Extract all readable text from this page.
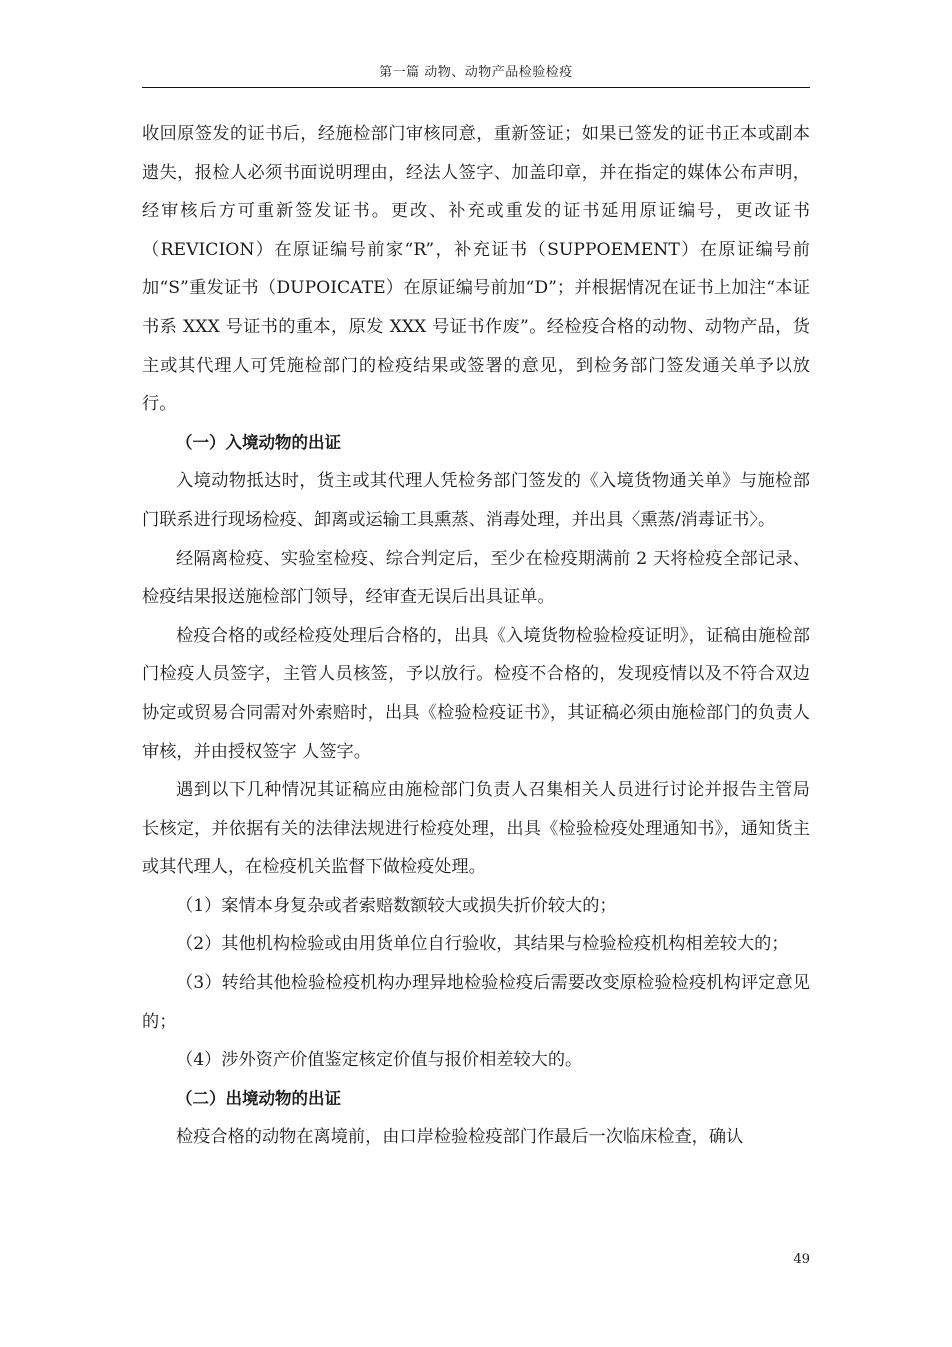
第一篇 动物、动物产品检验检疫

收回原签发的证书后，经施检部门审核同意，重新签证；如果已签发的证书正本或副本遗失，报检人必须书面说明理由，经法人签字、加盖印章，并在指定的媒体公布声明，经审核后方可重新签发证书。更改、补充或重发的证书延用原证编号，更改证书（REVICION）在原证编号前家“R”，补充证书（SUPPOEMENT）在原证编号前加“S”重发证书（DUPOICATE）在原证编号前加“D”；并根据情况在证书上加注“本证书系 XXX 号证书的重本，原发 XXX 号证书作废”。经检疫合格的动物、动物产品，货主或其代理人可凭施检部门的检疫结果或签署的意见，到检务部门签发通关单予以放行。

（一）入境动物的出证

入境动物抵达时，货主或其代理人凭检务部门签发的《入境货物通关单》与施检部门联系进行现场检疫、卸离或运输工具熏蒸、消毒处理，并出具〈熏蒸/消毒证书〉。

经隔离检疫、实验室检疫、综合判定后，至少在检疫期满前 2 天将检疫全部记录、检疫结果报送施检部门领导，经审查无误后出具证单。

检疫合格的或经检疫处理后合格的，出具《入境货物检验检疫证明》，证稿由施检部门检疫人员签字，主管人员核签，予以放行。检疫不合格的，发现疫情以及不符合双边协定或贸易合同需对外索赔时，出具《检验检疫证书》，其证稿必须由施检部门的负责人审核，并由授权签字 人签字。

遇到以下几种情况其证稿应由施检部门负责人召集相关人员进行讨论并报告主管局长核定，并依据有关的法律法规进行检疫处理，出具《检验检疫处理通知书》，通知货主或其代理人，在检疫机关监督下做检疫处理。

（1）案情本身复杂或者索赔数额较大或损失折价较大的；

（2）其他机构检验或由用货单位自行验收，其结果与检验检疫机构相差较大的；

（3）转给其他检验检疫机构办理异地检验检疫后需要改变原检验检疫机构评定意见的；

（4）涉外资产价值鉴定核定价值与报价相差较大的。

（二）出境动物的出证

检疫合格的动物在离境前，由口岸检验检疫部门作最后一次临床检查，确认

49
